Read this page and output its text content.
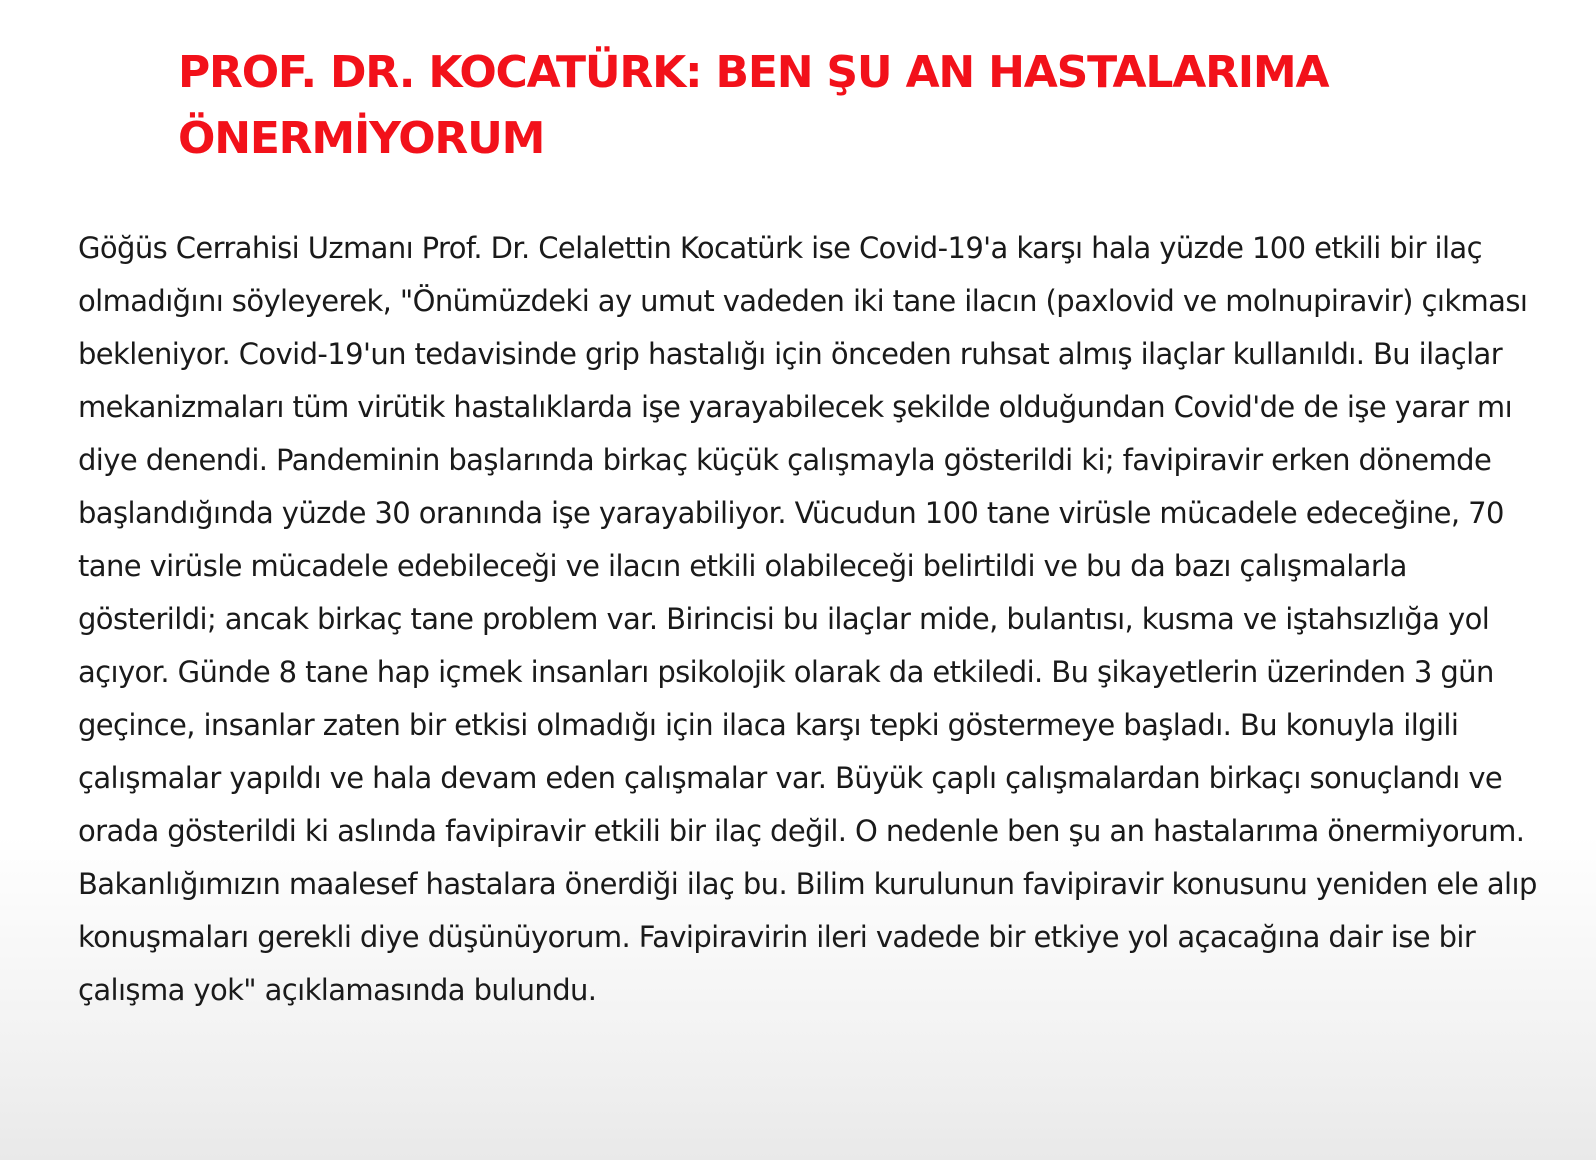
PROF. DR. KOCATÜRK: BEN ŞU AN HASTALARIMA ÖNERMİYORUM

Göğüs Cerrahisi Uzmanı Prof. Dr. Celalettin Kocatürk ise Covid-19'a karşı hala yüzde 100 etkili bir ilaç olmadığını söyleyerek, "Önümüzdeki ay umut vadeden iki tane ilacın (paxlovid ve molnupiravir) çıkması bekleniyor. Covid-19'un tedavisinde grip hastalığı için önceden ruhsat almış ilaçlar kullanıldı. Bu ilaçlar mekanizmaları tüm virütik hastalıklarda işe yarayabilecek şekilde olduğundan Covid'de de işe yarar mı diye denendi. Pandeminin başlarında birkaç küçük çalışmayla gösterildi ki; favipiravir erken dönemde başlandığında yüzde 30 oranında işe yarayabiliyor. Vücudun 100 tane virüsle mücadele edeceğine, 70 tane virüsle mücadele edebileceği ve ilacın etkili olabileceği belirtildi ve bu da bazı çalışmalarla gösterildi; ancak birkaç tane problem var. Birincisi bu ilaçlar mide, bulantısı, kusma ve iştahsızlığa yol açıyor. Günde 8 tane hap içmek insanları psikolojik olarak da etkiledi. Bu şikayetlerin üzerinden 3 gün geçince, insanlar zaten bir etkisi olmadığı için ilaca karşı tepki göstermeye başladı. Bu konuyla ilgili çalışmalar yapıldı ve hala devam eden çalışmalar var. Büyük çaplı çalışmalardan birkaçı sonuçlandı ve orada gösterildi ki aslında favipiravir etkili bir ilaç değil. O nedenle ben şu an hastalarıma önermiyorum. Bakanlığımızın maalesef hastalara önerdiği ilaç bu. Bilim kurulunun favipiravir konusunu yeniden ele alıp konuşmaları gerekli diye düşünüyorum. Favipiravirin ileri vadede bir etkiye yol açacağına dair ise bir çalışma yok" açıklamasında bulundu.
